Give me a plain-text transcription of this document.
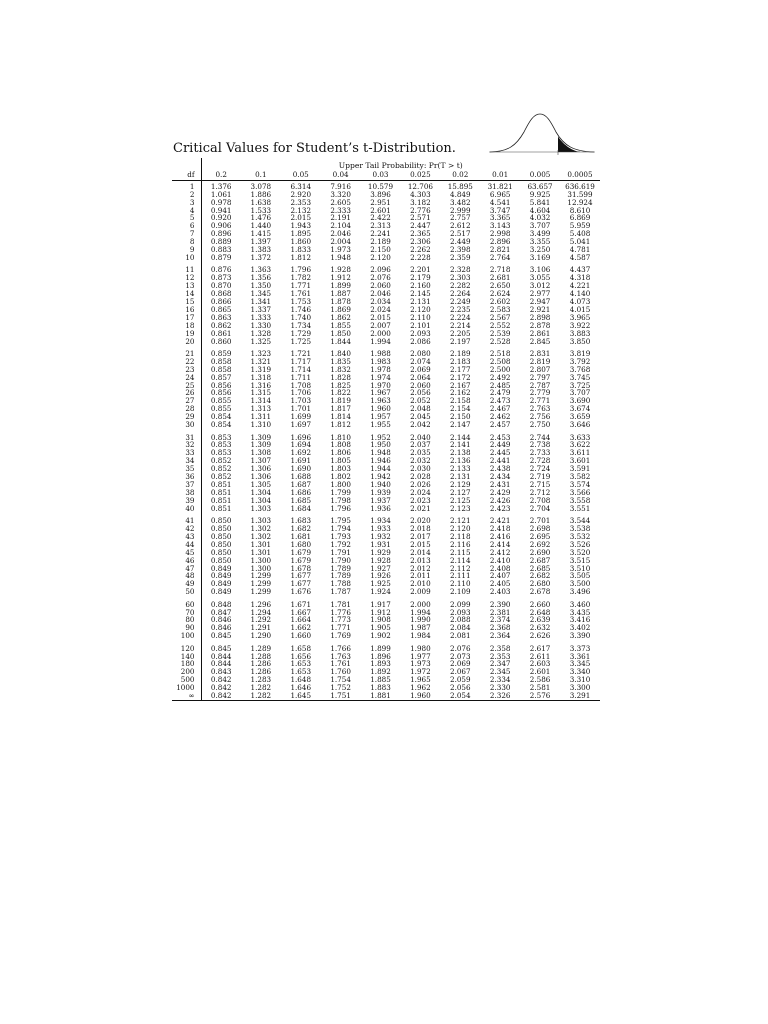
Critical Values for Student’s t-Distribution.
	Upper Tail Probability: Pr(T > t)									
df	0.2	0.1	0.05	0.04	0.03	0.025	0.02	0.01	0.005	0.0005
1	1.376	3.078	6.314	7.916	10.579	12.706	15.895	31.821	63.657	636.619
2	1.061	1.886	2.920	3.320	3.896	4.303	4.849	6.965	9.925	31.599
3	0.978	1.638	2.353	2.605	2.951	3.182	3.482	4.541	5.841	12.924
4	0.941	1.533	2.132	2.333	2.601	2.776	2.999	3.747	4.604	8.610
5	0.920	1.476	2.015	2.191	2.422	2.571	2.757	3.365	4.032	6.869
6	0.906	1.440	1.943	2.104	2.313	2.447	2.612	3.143	3.707	5.959
7	0.896	1.415	1.895	2.046	2.241	2.365	2.517	2.998	3.499	5.408
8	0.889	1.397	1.860	2.004	2.189	2.306	2.449	2.896	3.355	5.041
9	0.883	1.383	1.833	1.973	2.150	2.262	2.398	2.821	3.250	4.781
10	0.879	1.372	1.812	1.948	2.120	2.228	2.359	2.764	3.169	4.587
11	0.876	1.363	1.796	1.928	2.096	2.201	2.328	2.718	3.106	4.437
12	0.873	1.356	1.782	1.912	2.076	2.179	2.303	2.681	3.055	4.318
13	0.870	1.350	1.771	1.899	2.060	2.160	2.282	2.650	3.012	4.221
14	0.868	1.345	1.761	1.887	2.046	2.145	2.264	2.624	2.977	4.140
15	0.866	1.341	1.753	1.878	2.034	2.131	2.249	2.602	2.947	4.073
16	0.865	1.337	1.746	1.869	2.024	2.120	2.235	2.583	2.921	4.015
17	0.863	1.333	1.740	1.862	2.015	2.110	2.224	2.567	2.898	3.965
18	0.862	1.330	1.734	1.855	2.007	2.101	2.214	2.552	2.878	3.922
19	0.861	1.328	1.729	1.850	2.000	2.093	2.205	2.539	2.861	3.883
20	0.860	1.325	1.725	1.844	1.994	2.086	2.197	2.528	2.845	3.850
21	0.859	1.323	1.721	1.840	1.988	2.080	2.189	2.518	2.831	3.819
22	0.858	1.321	1.717	1.835	1.983	2.074	2.183	2.508	2.819	3.792
23	0.858	1.319	1.714	1.832	1.978	2.069	2.177	2.500	2.807	3.768
24	0.857	1.318	1.711	1.828	1.974	2.064	2.172	2.492	2.797	3.745
25	0.856	1.316	1.708	1.825	1.970	2.060	2.167	2.485	2.787	3.725
26	0.856	1.315	1.706	1.822	1.967	2.056	2.162	2.479	2.779	3.707
27	0.855	1.314	1.703	1.819	1.963	2.052	2.158	2.473	2.771	3.690
28	0.855	1.313	1.701	1.817	1.960	2.048	2.154	2.467	2.763	3.674
29	0.854	1.311	1.699	1.814	1.957	2.045	2.150	2.462	2.756	3.659
30	0.854	1.310	1.697	1.812	1.955	2.042	2.147	2.457	2.750	3.646
31	0.853	1.309	1.696	1.810	1.952	2.040	2.144	2.453	2.744	3.633
32	0.853	1.309	1.694	1.808	1.950	2.037	2.141	2.449	2.738	3.622
33	0.853	1.308	1.692	1.806	1.948	2.035	2.138	2.445	2.733	3.611
34	0.852	1.307	1.691	1.805	1.946	2.032	2.136	2.441	2.728	3.601
35	0.852	1.306	1.690	1.803	1.944	2.030	2.133	2.438	2.724	3.591
36	0.852	1.306	1.688	1.802	1.942	2.028	2.131	2.434	2.719	3.582
37	0.851	1.305	1.687	1.800	1.940	2.026	2.129	2.431	2.715	3.574
38	0.851	1.304	1.686	1.799	1.939	2.024	2.127	2.429	2.712	3.566
39	0.851	1.304	1.685	1.798	1.937	2.023	2.125	2.426	2.708	3.558
40	0.851	1.303	1.684	1.796	1.936	2.021	2.123	2.423	2.704	3.551
41	0.850	1.303	1.683	1.795	1.934	2.020	2.121	2.421	2.701	3.544
42	0.850	1.302	1.682	1.794	1.933	2.018	2.120	2.418	2.698	3.538
43	0.850	1.302	1.681	1.793	1.932	2.017	2.118	2.416	2.695	3.532
44	0.850	1.301	1.680	1.792	1.931	2.015	2.116	2.414	2.692	3.526
45	0.850	1.301	1.679	1.791	1.929	2.014	2.115	2.412	2.690	3.520
46	0.850	1.300	1.679	1.790	1.928	2.013	2.114	2.410	2.687	3.515
47	0.849	1.300	1.678	1.789	1.927	2.012	2.112	2.408	2.685	3.510
48	0.849	1.299	1.677	1.789	1.926	2.011	2.111	2.407	2.682	3.505
49	0.849	1.299	1.677	1.788	1.925	2.010	2.110	2.405	2.680	3.500
50	0.849	1.299	1.676	1.787	1.924	2.009	2.109	2.403	2.678	3.496
60	0.848	1.296	1.671	1.781	1.917	2.000	2.099	2.390	2.660	3.460
70	0.847	1.294	1.667	1.776	1.912	1.994	2.093	2.381	2.648	3.435
80	0.846	1.292	1.664	1.773	1.908	1.990	2.088	2.374	2.639	3.416
90	0.846	1.291	1.662	1.771	1.905	1.987	2.084	2.368	2.632	3.402
100	0.845	1.290	1.660	1.769	1.902	1.984	2.081	2.364	2.626	3.390
120	0.845	1.289	1.658	1.766	1.899	1.980	2.076	2.358	2.617	3.373
140	0.844	1.288	1.656	1.763	1.896	1.977	2.073	2.353	2.611	3.361
180	0.844	1.286	1.653	1.761	1.893	1.973	2.069	2.347	2.603	3.345
200	0.843	1.286	1.653	1.760	1.892	1.972	2.067	2.345	2.601	3.340
500	0.842	1.283	1.648	1.754	1.885	1.965	2.059	2.334	2.586	3.310
1000	0.842	1.282	1.646	1.752	1.883	1.962	2.056	2.330	2.581	3.300
∞	0.842	1.282	1.645	1.751	1.881	1.960	2.054	2.326	2.576	3.291
